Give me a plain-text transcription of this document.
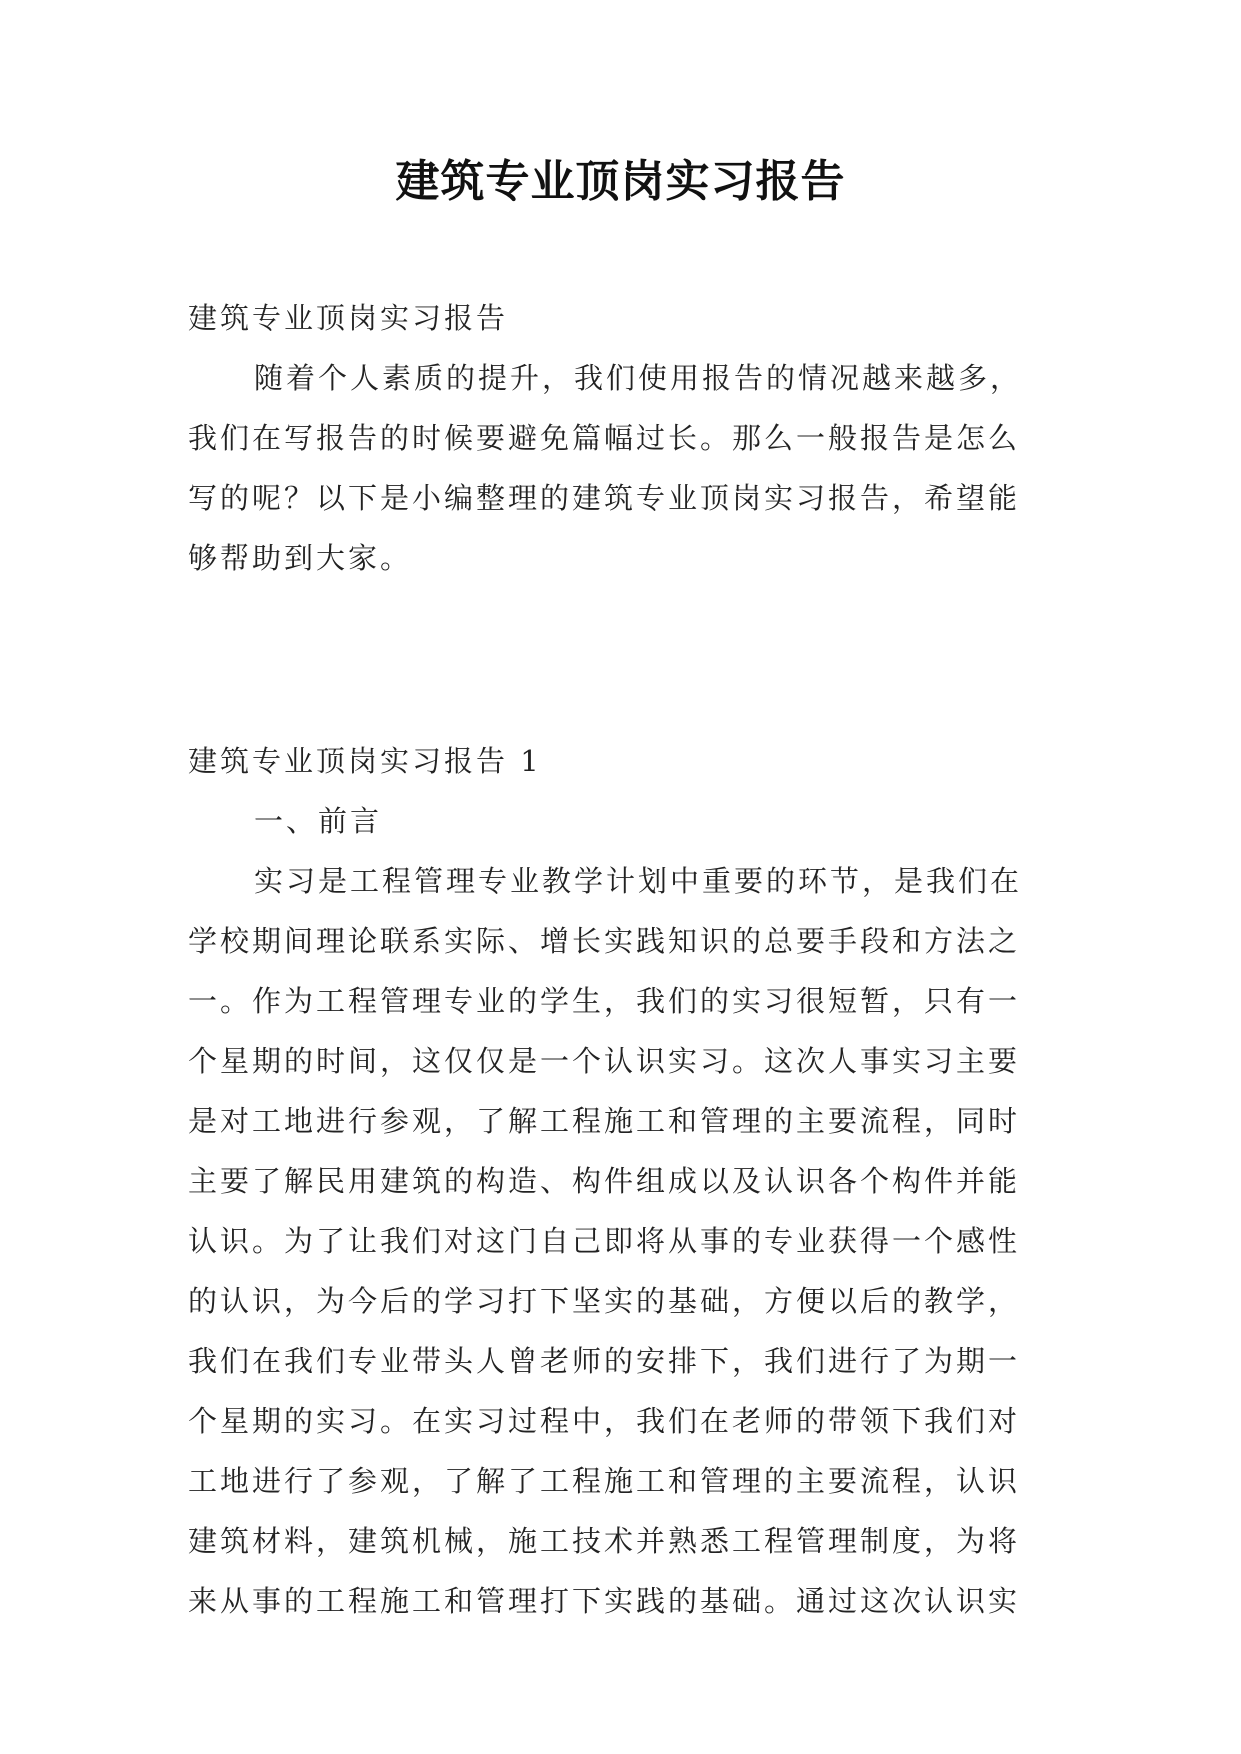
建筑专业顶岗实习报告
建筑专业顶岗实习报告
随着个人素质的提升，我们使用报告的情况越来越多，
我们在写报告的时候要避免篇幅过长。那么一般报告是怎么
写的呢？以下是小编整理的建筑专业顶岗实习报告，希望能
够帮助到大家。
建筑专业顶岗实习报告 1
一、前言
实习是工程管理专业教学计划中重要的环节，是我们在
学校期间理论联系实际、增长实践知识的总要手段和方法之
一。作为工程管理专业的学生，我们的实习很短暂，只有一
个星期的时间，这仅仅是一个认识实习。这次人事实习主要
是对工地进行参观，了解工程施工和管理的主要流程，同时
主要了解民用建筑的构造、构件组成以及认识各个构件并能
认识。为了让我们对这门自己即将从事的专业获得一个感性
的认识，为今后的学习打下坚实的基础，方便以后的教学，
我们在我们专业带头人曾老师的安排下，我们进行了为期一
个星期的实习。在实习过程中，我们在老师的带领下我们对
工地进行了参观，了解了工程施工和管理的主要流程，认识
建筑材料，建筑机械，施工技术并熟悉工程管理制度，为将
来从事的工程施工和管理打下实践的基础。通过这次认识实
